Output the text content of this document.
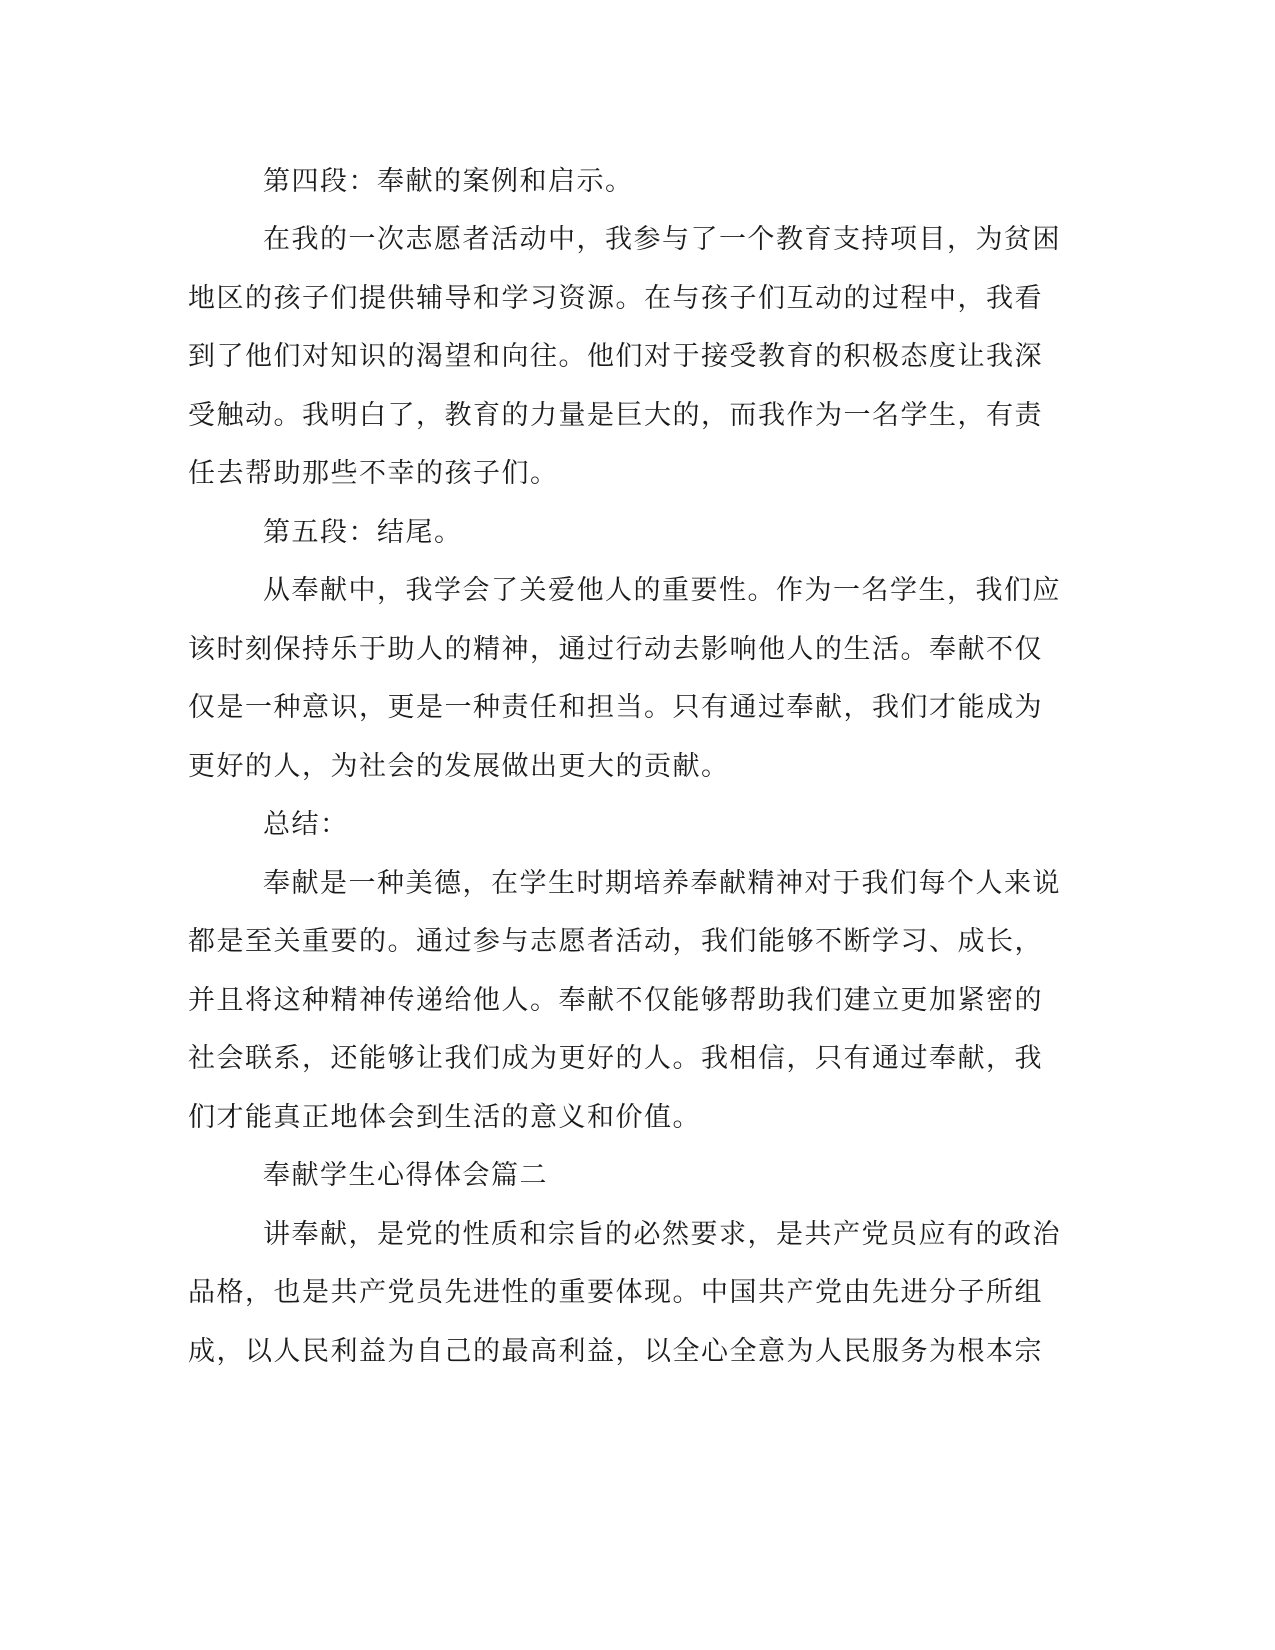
第四段：奉献的案例和启示。

在我的一次志愿者活动中，我参与了一个教育支持项目，为贫困

地区的孩子们提供辅导和学习资源。在与孩子们互动的过程中，我看

到了他们对知识的渴望和向往。他们对于接受教育的积极态度让我深

受触动。我明白了，教育的力量是巨大的，而我作为一名学生，有责

任去帮助那些不幸的孩子们。

第五段：结尾。

从奉献中，我学会了关爱他人的重要性。作为一名学生，我们应

该时刻保持乐于助人的精神，通过行动去影响他人的生活。奉献不仅

仅是一种意识，更是一种责任和担当。只有通过奉献，我们才能成为

更好的人，为社会的发展做出更大的贡献。

总结：

奉献是一种美德，在学生时期培养奉献精神对于我们每个人来说

都是至关重要的。通过参与志愿者活动，我们能够不断学习、成长，

并且将这种精神传递给他人。奉献不仅能够帮助我们建立更加紧密的

社会联系，还能够让我们成为更好的人。我相信，只有通过奉献，我

们才能真正地体会到生活的意义和价值。

奉献学生心得体会篇二

讲奉献，是党的性质和宗旨的必然要求，是共产党员应有的政治

品格，也是共产党员先进性的重要体现。中国共产党由先进分子所组

成，以人民利益为自己的最高利益，以全心全意为人民服务为根本宗
